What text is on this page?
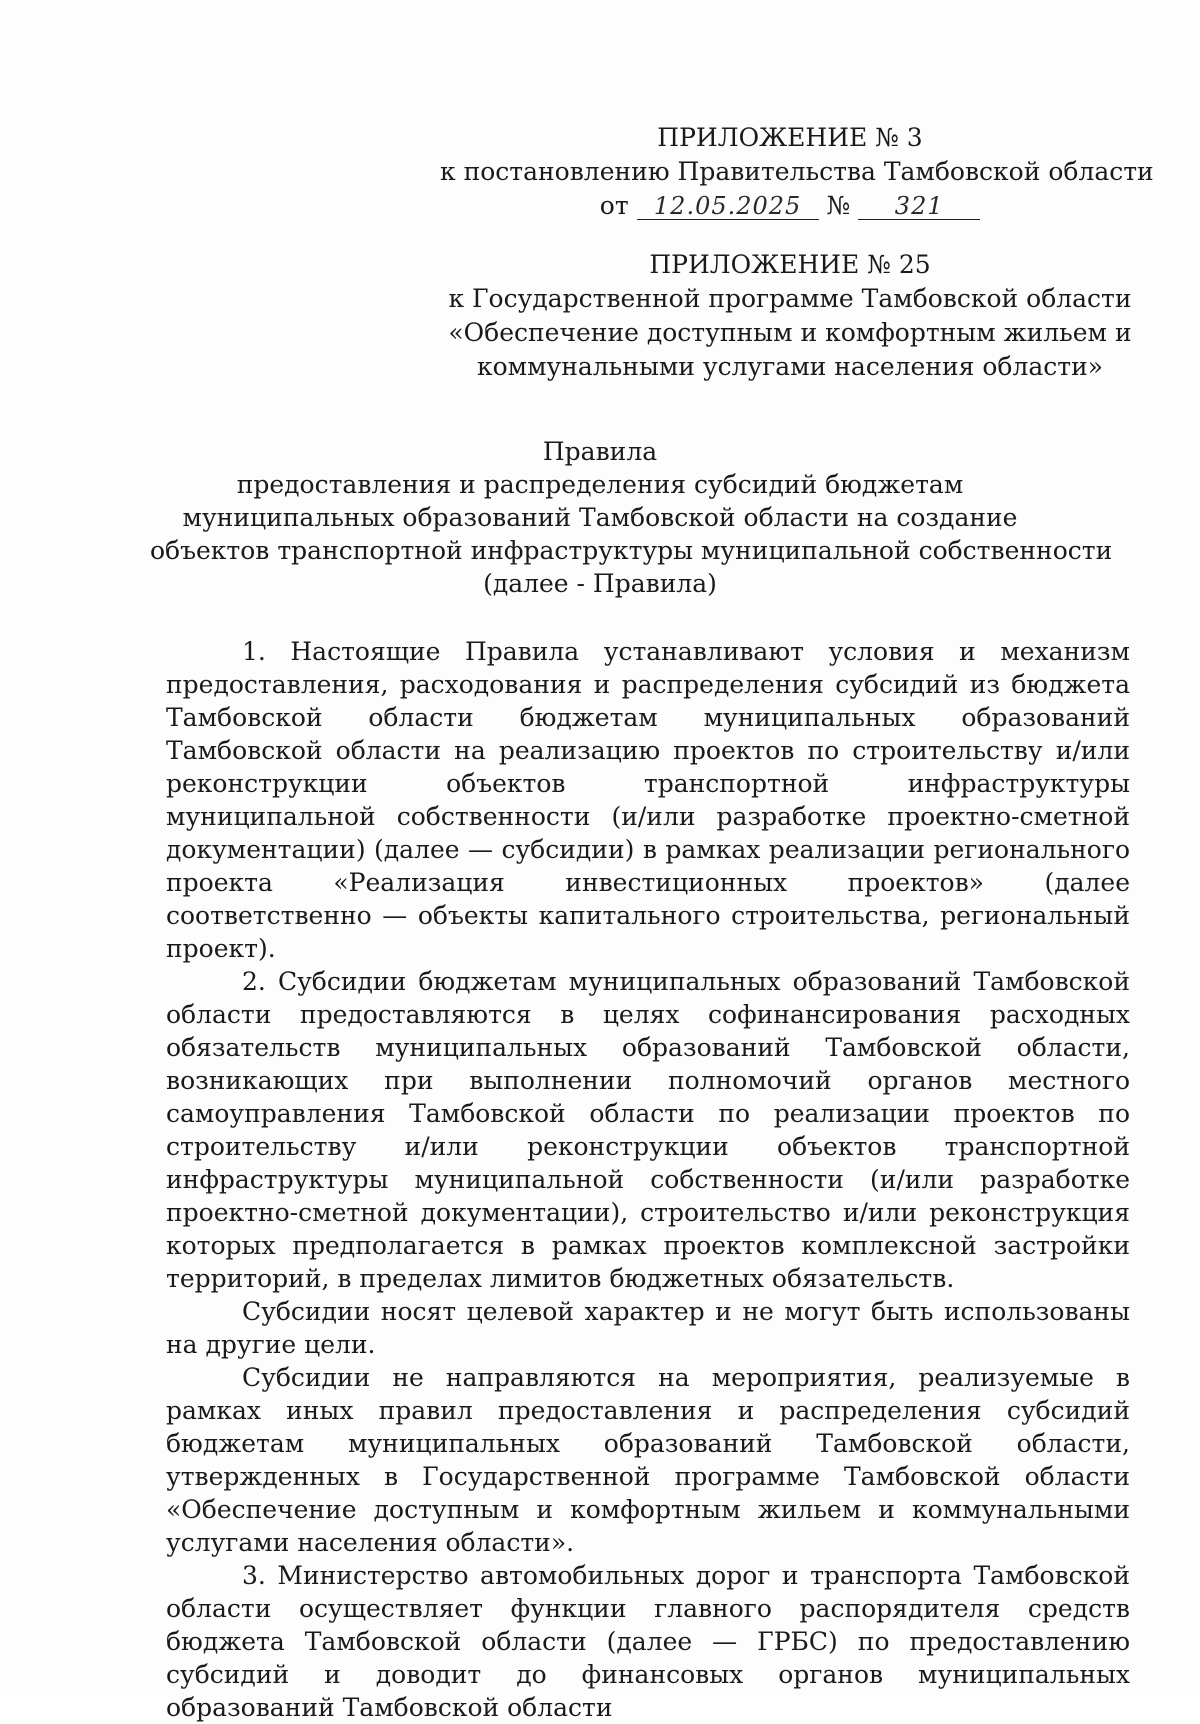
ПРИЛОЖЕНИЕ № 3
к постановлению Правительства Тамбовской области
от 12.05.2025 № 321
ПРИЛОЖЕНИЕ № 25
к Государственной программе Тамбовской области
«Обеспечение доступным и комфортным жильем и
коммунальными услугами населения области»
Правила
предоставления и распределения субсидий бюджетам
муниципальных образований Тамбовской области на создание
объектов транспортной инфраструктуры муниципальной собственности
(далее - Правила)

1. Настоящие Правила устанавливают условия и механизм предоставления, расходования и распределения субсидий из бюджета Тамбовской области бюджетам муниципальных образований Тамбовской области на реализацию проектов по строительству и/или реконструкции объектов транспортной инфраструктуры муниципальной собственности (и/или разработке проектно-сметной документации) (далее — субсидии) в рамках реализации регионального проекта «Реализация инвестиционных проектов» (далее соответственно — объекты капитального строительства, региональный проект).

2. Субсидии бюджетам муниципальных образований Тамбовской области предоставляются в целях софинансирования расходных обязательств муниципальных образований Тамбовской области, возникающих при выполнении полномочий органов местного самоуправления Тамбовской области по реализации проектов по строительству и/или реконструкции объектов транспортной инфраструктуры муниципальной собственности (и/или разработке проектно-сметной документации), строительство и/или реконструкция которых предполагается в рамках проектов комплексной застройки территорий, в пределах лимитов бюджетных обязательств.

Субсидии носят целевой характер и не могут быть использованы на другие цели.

Субсидии не направляются на мероприятия, реализуемые в рамках иных правил предоставления и распределения субсидий бюджетам муниципальных образований Тамбовской области, утвержденных в Государственной программе Тамбовской области «Обеспечение доступным и комфортным жильем и коммунальными услугами населения области».

3. Министерство автомобильных дорог и транспорта Тамбовской области осуществляет функции главного распорядителя средств бюджета Тамбовской области (далее — ГРБС) по предоставлению субсидий и доводит до финансовых органов муниципальных образований Тамбовской области
